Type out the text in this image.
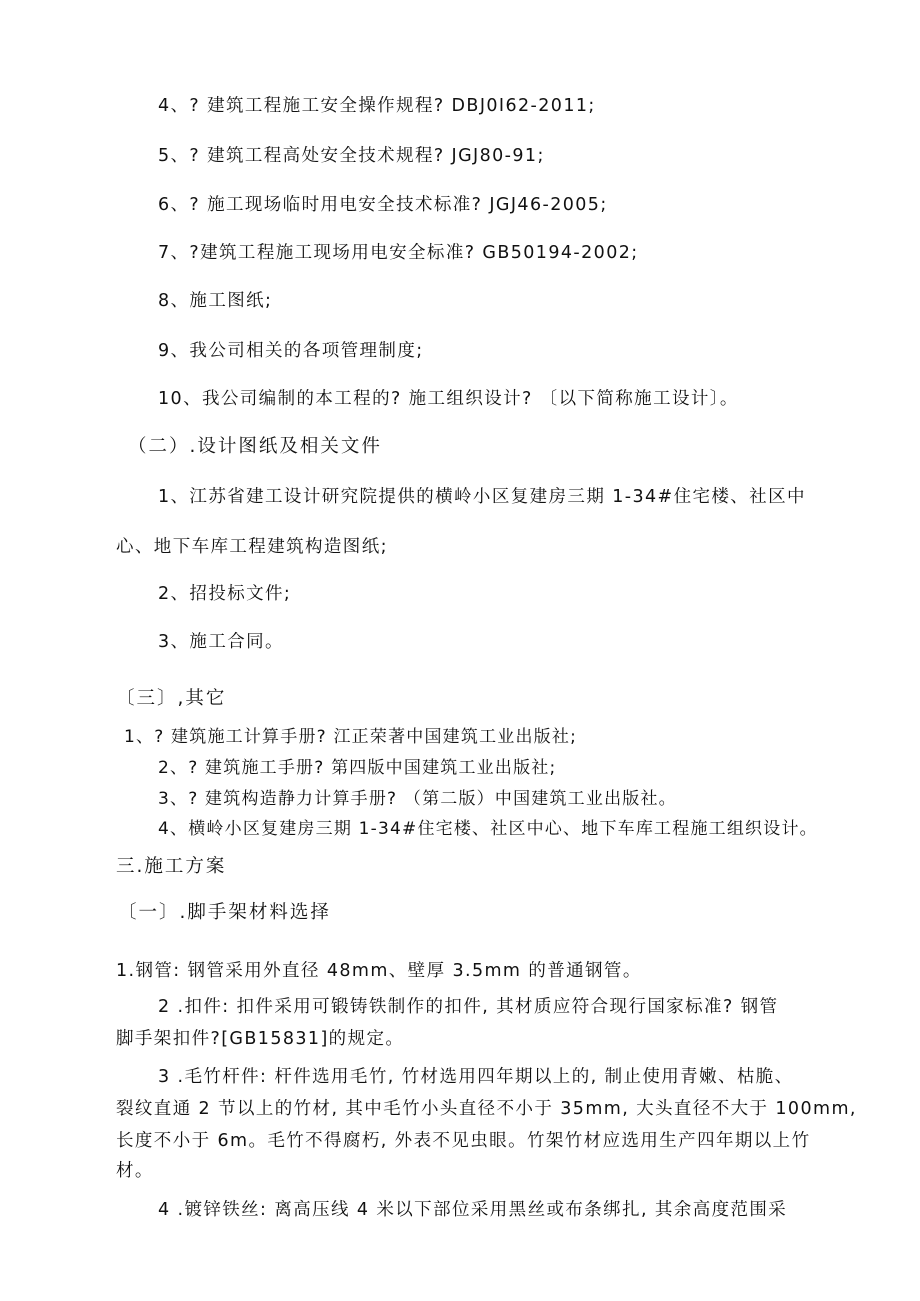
4、? 建筑工程施工安全操作规程? DBJ0I62-2011;
5、? 建筑工程高处安全技术规程? JGJ80-91;
6、? 施工现场临时用电安全技术标准? JGJ46-2005;
7、?建筑工程施工现场用电安全标准? GB50194-2002;
8、施工图纸;
9、我公司相关的各项管理制度;
10、我公司编制的本工程的? 施工组织设计? 〔以下简称施工设计〕。
（二）.设计图纸及相关文件
1、江苏省建工设计研究院提供的横岭小区复建房三期 1-34#住宅楼、社区中
心、地下车库工程建筑构造图纸;
2、招投标文件;
3、施工合同。
〔三〕,其它
1、? 建筑施工计算手册? 江正荣著中国建筑工业出版社;
2、? 建筑施工手册? 第四版中国建筑工业出版社;
3、? 建筑构造静力计算手册? （第二版）中国建筑工业出版社。
4、横岭小区复建房三期 1-34#住宅楼、社区中心、地下车库工程施工组织设计。
三.施工方案
〔一〕.脚手架材料选择
1.钢管: 钢管采用外直径 48mm、壁厚 3.5mm 的普通钢管。
2 .扣件: 扣件采用可锻铸铁制作的扣件, 其材质应符合现行国家标准? 钢管
脚手架扣件?[GB15831]的规定。
3 .毛竹杆件: 杆件选用毛竹, 竹材选用四年期以上的, 制止使用青嫩、枯脆、
裂纹直通 2 节以上的竹材, 其中毛竹小头直径不小于 35mm, 大头直径不大于 100mm,
长度不小于 6m。毛竹不得腐朽, 外表不见虫眼。竹架竹材应选用生产四年期以上竹
材。
4 .镀锌铁丝: 离高压线 4 米以下部位采用黑丝或布条绑扎, 其余高度范围采
